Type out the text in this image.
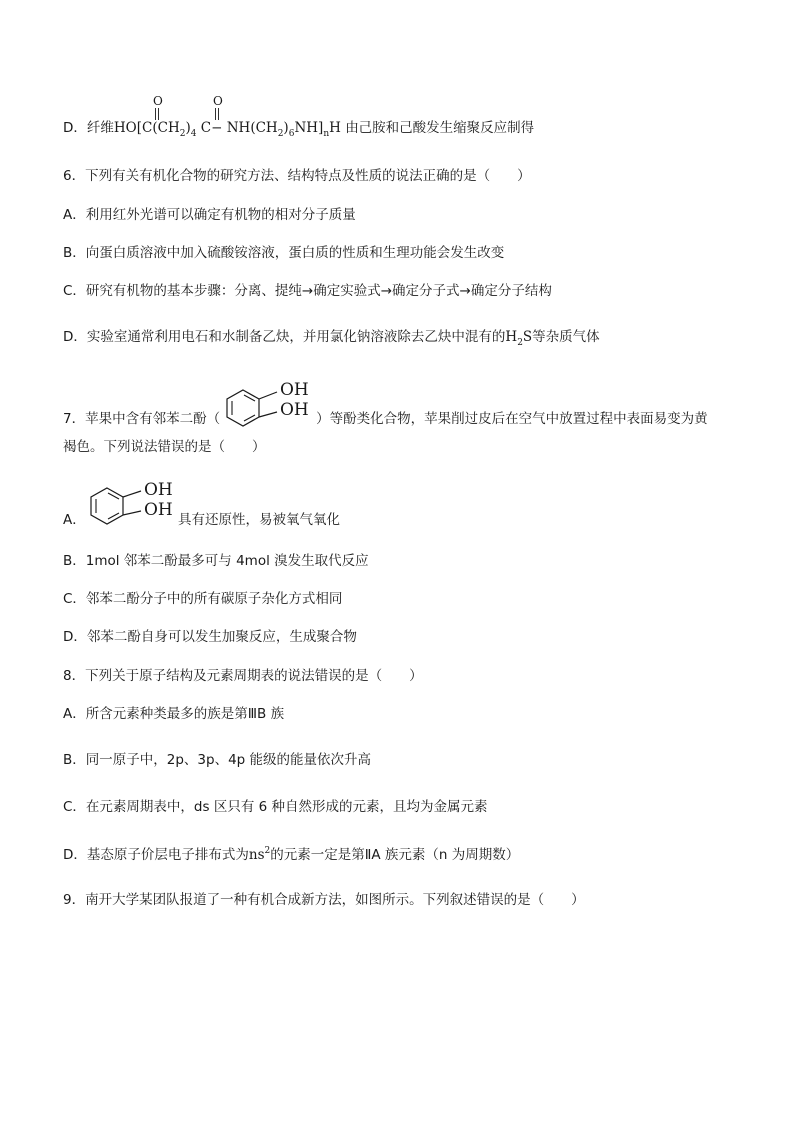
D．纤维$HO[C(CH_2)_4$ $C- NH(CH_2)_6NH]_nH$ 由己胺和己酸发生缩聚反应制得
O	O
6．下列有关有机化合物的研究方法、结构特点及性质的说法正确的是（　　）
A．利用红外光谱可以确定有机物的相对分子质量
B．向蛋白质溶液中加入硫酸铵溶液，蛋白质的性质和生理功能会发生改变
C．研究有机物的基本步骤：分离、提纯→确定实验式→确定分子式→确定分子结构
D．实验室通常利用电石和水制备乙炔，并用氯化钠溶液除去乙炔中混有的$H_2S$等杂质气体
7．苹果中含有邻苯二酚（	）等酚类化合物，苹果削过皮后在空气中放置过程中表面易变为黄
褐色。下列说法错误的是（　　）
OH
OH
OH
OH
A．	具有还原性，易被氧气氧化
B．1mol 邻苯二酚最多可与 4mol 溴发生取代反应
C．邻苯二酚分子中的所有碳原子杂化方式相同
D．邻苯二酚自身可以发生加聚反应，生成聚合物
8．下列关于原子结构及元素周期表的说法错误的是（　　）
A．所含元素种类最多的族是第ⅢB 族
B．同一原子中，2p、3p、4p 能级的能量依次升高
C．在元素周期表中，ds 区只有 6 种自然形成的元素，且均为金属元素
D．基态原子价层电子排布式为$ns^2$的元素一定是第ⅡA 族元素（n 为周期数）
9．南开大学某团队报道了一种有机合成新方法，如图所示。下列叙述错误的是（　　）
